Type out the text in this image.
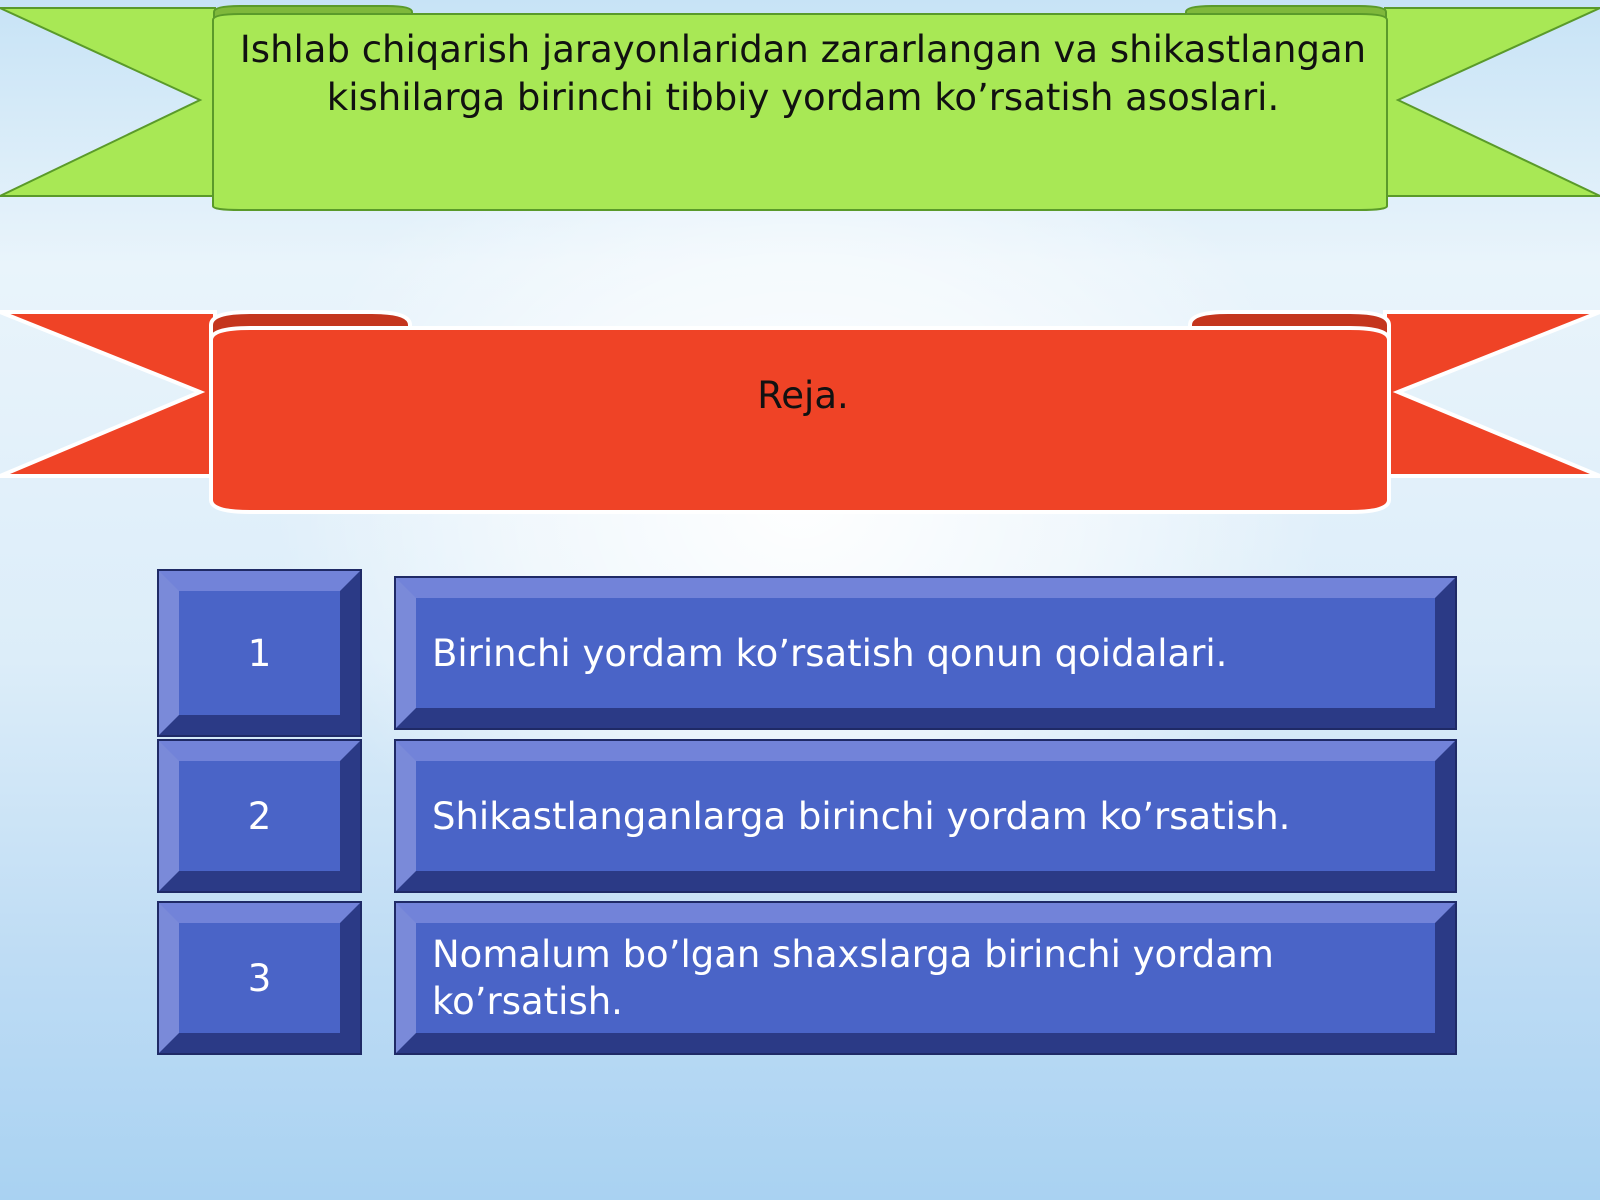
Ishlab chiqarish jarayonlaridan zararlangan va shikastlangan kishilarga birinchi tibbiy yordam ko’rsatish asoslari.
Reja.
1	Birinchi yordam ko’rsatish qonun qoidalari.
2	Shikastlanganlarga birinchi yordam ko’rsatish.
3
Nomalum bo’lgan shaxslarga birinchi yordam ko’rsatish.
